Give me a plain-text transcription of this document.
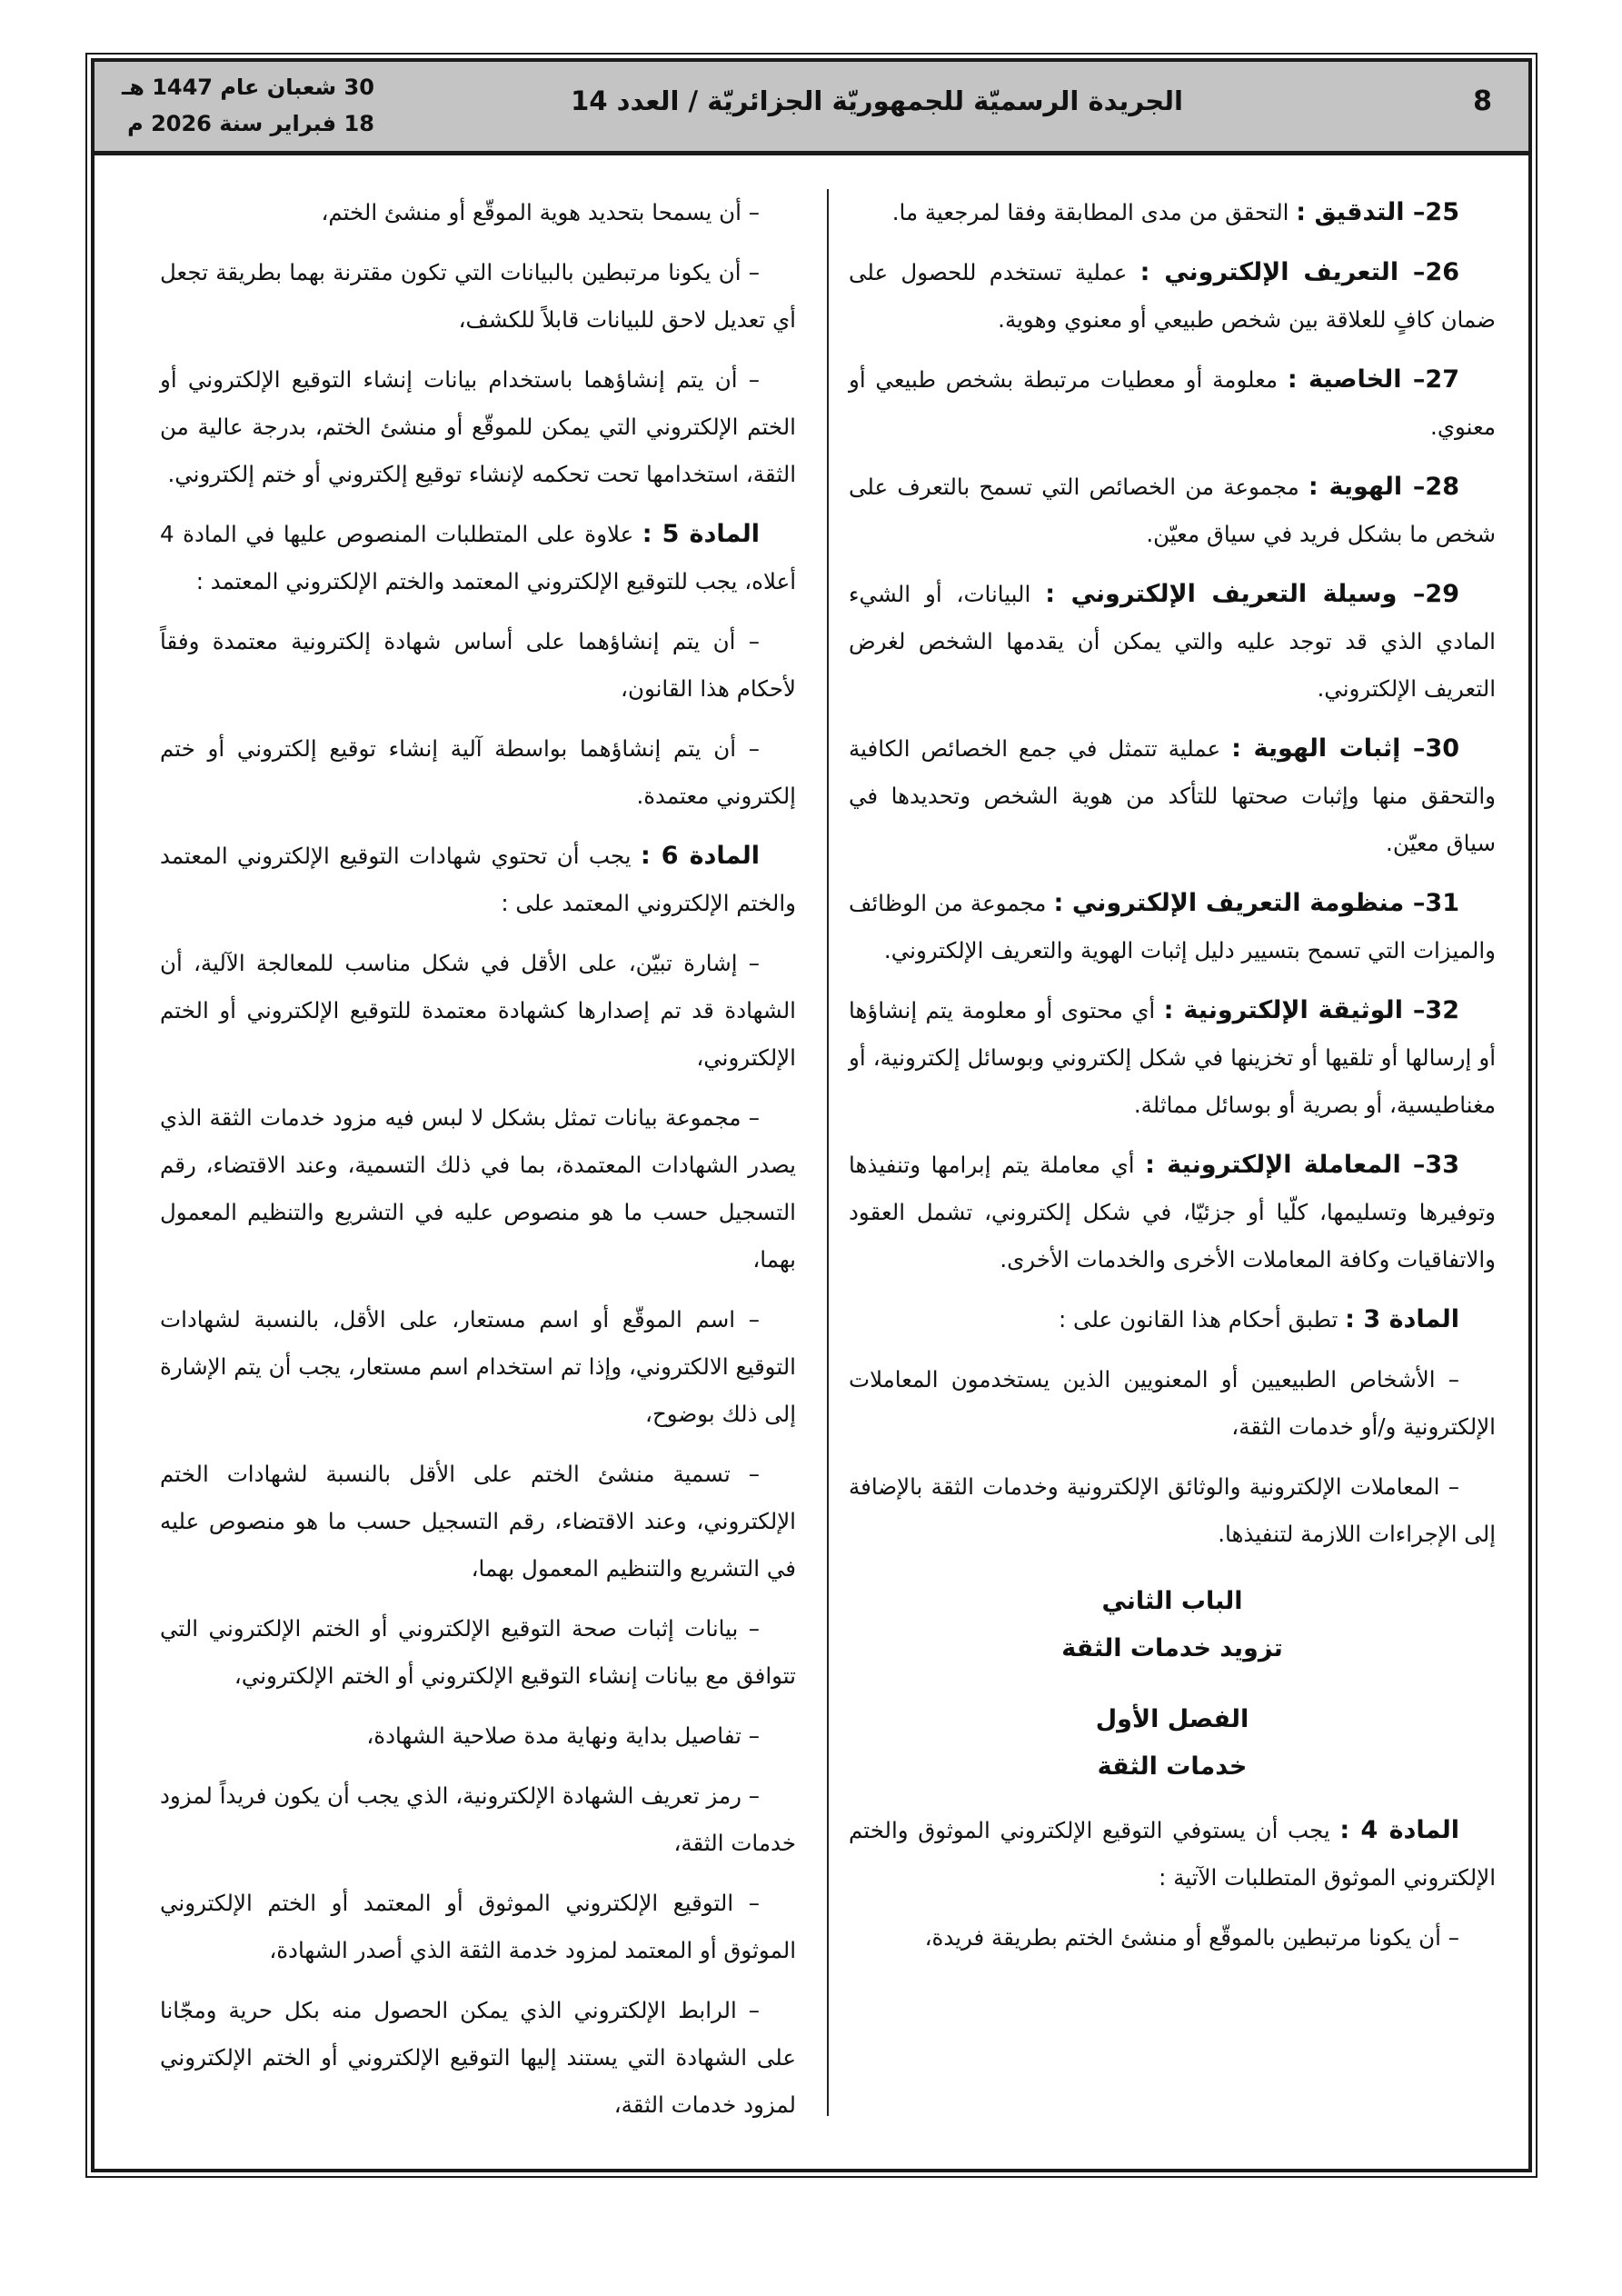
8
الجريدة الرسميّة للجمهوريّة الجزائريّة / العدد 14
30 شعبان عام 1447 هـ
18 فبراير سنة 2026 م

25– التدقيق : التحقق من مدى المطابقة وفقا لمرجعية ما.

26– التعريف الإلكتروني : عملية تستخدم للحصول على ضمان كافٍ للعلاقة بين شخص طبيعي أو معنوي وهوية.

27– الخاصية : معلومة أو معطيات مرتبطة بشخص طبيعي أو معنوي.

28– الهوية : مجموعة من الخصائص التي تسمح بالتعرف على شخص ما بشكل فريد في سياق معيّن.

29– وسيلة التعريف الإلكتروني : البيانات، أو الشيء المادي الذي قد توجد عليه والتي يمكن أن يقدمها الشخص لغرض التعريف الإلكتروني.

30– إثبات الهوية : عملية تتمثل في جمع الخصائص الكافية والتحقق منها وإثبات صحتها للتأكد من هوية الشخص وتحديدها في سياق معيّن.

31– منظومة التعريف الإلكتروني : مجموعة من الوظائف والميزات التي تسمح بتسيير دليل إثبات الهوية والتعريف الإلكتروني.

32– الوثيقة الإلكترونية : أي محتوى أو معلومة يتم إنشاؤها أو إرسالها أو تلقيها أو تخزينها في شكل إلكتروني وبوسائل إلكترونية، أو مغناطيسية، أو بصرية أو بوسائل مماثلة.

33– المعاملة الإلكترونية : أي معاملة يتم إبرامها وتنفيذها وتوفيرها وتسليمها، كلّيا أو جزئيّا، في شكل إلكتروني، تشمل العقود والاتفاقيات وكافة المعاملات الأخرى والخدمات الأخرى.

المادة 3 : تطبق أحكام هذا القانون على :

– الأشخاص الطبيعيين أو المعنويين الذين يستخدمون المعاملات الإلكترونية و/أو خدمات الثقة،

– المعاملات الإلكترونية والوثائق الإلكترونية وخدمات الثقة بالإضافة إلى الإجراءات اللازمة لتنفيذها.

الباب الثاني
تزويد خدمات الثقة
الفصل الأول
خدمات الثقة

المادة 4 : يجب أن يستوفي التوقيع الإلكتروني الموثوق والختم الإلكتروني الموثوق المتطلبات الآتية :

– أن يكونا مرتبطين بالموقّع أو منشئ الختم بطريقة فريدة،

– أن يسمحا بتحديد هوية الموقّع أو منشئ الختم،

– أن يكونا مرتبطين بالبيانات التي تكون مقترنة بهما بطريقة تجعل أي تعديل لاحق للبيانات قابلاً للكشف،

– أن يتم إنشاؤهما باستخدام بيانات إنشاء التوقيع الإلكتروني أو الختم الإلكتروني التي يمكن للموقّع أو منشئ الختم، بدرجة عالية من الثقة، استخدامها تحت تحكمه لإنشاء توقيع إلكتروني أو ختم إلكتروني.

المادة 5 : علاوة على المتطلبات المنصوص عليها في المادة 4 أعلاه، يجب للتوقيع الإلكتروني المعتمد والختم الإلكتروني المعتمد :

– أن يتم إنشاؤهما على أساس شهادة إلكترونية معتمدة وفقاً لأحكام هذا القانون،

– أن يتم إنشاؤهما بواسطة آلية إنشاء توقيع إلكتروني أو ختم إلكتروني معتمدة.

المادة 6 : يجب أن تحتوي شهادات التوقيع الإلكتروني المعتمد والختم الإلكتروني المعتمد على :

– إشارة تبيّن، على الأقل في شكل مناسب للمعالجة الآلية، أن الشهادة قد تم إصدارها كشهادة معتمدة للتوقيع الإلكتروني أو الختم الإلكتروني،

– مجموعة بيانات تمثل بشكل لا لبس فيه مزود خدمات الثقة الذي يصدر الشهادات المعتمدة، بما في ذلك التسمية، وعند الاقتضاء، رقم التسجيل حسب ما هو منصوص عليه في التشريع والتنظيم المعمول بهما،

– اسم الموقّع أو اسم مستعار، على الأقل، بالنسبة لشهادات التوقيع الالكتروني، وإذا تم استخدام اسم مستعار، يجب أن يتم الإشارة إلى ذلك بوضوح،

– تسمية منشئ الختم على الأقل بالنسبة لشهادات الختم الإلكتروني، وعند الاقتضاء، رقم التسجيل حسب ما هو منصوص عليه في التشريع والتنظيم المعمول بهما،

– بيانات إثبات صحة التوقيع الإلكتروني أو الختم الإلكتروني التي تتوافق مع بيانات إنشاء التوقيع الإلكتروني أو الختم الإلكتروني،

– تفاصيل بداية ونهاية مدة صلاحية الشهادة،

– رمز تعريف الشهادة الإلكترونية، الذي يجب أن يكون فريداً لمزود خدمات الثقة،

– التوقيع الإلكتروني الموثوق أو المعتمد أو الختم الإلكتروني الموثوق أو المعتمد لمزود خدمة الثقة الذي أصدر الشهادة،

– الرابط الإلكتروني الذي يمكن الحصول منه بكل حرية ومجّانا على الشهادة التي يستند إليها التوقيع الإلكتروني أو الختم الإلكتروني لمزود خدمات الثقة،
